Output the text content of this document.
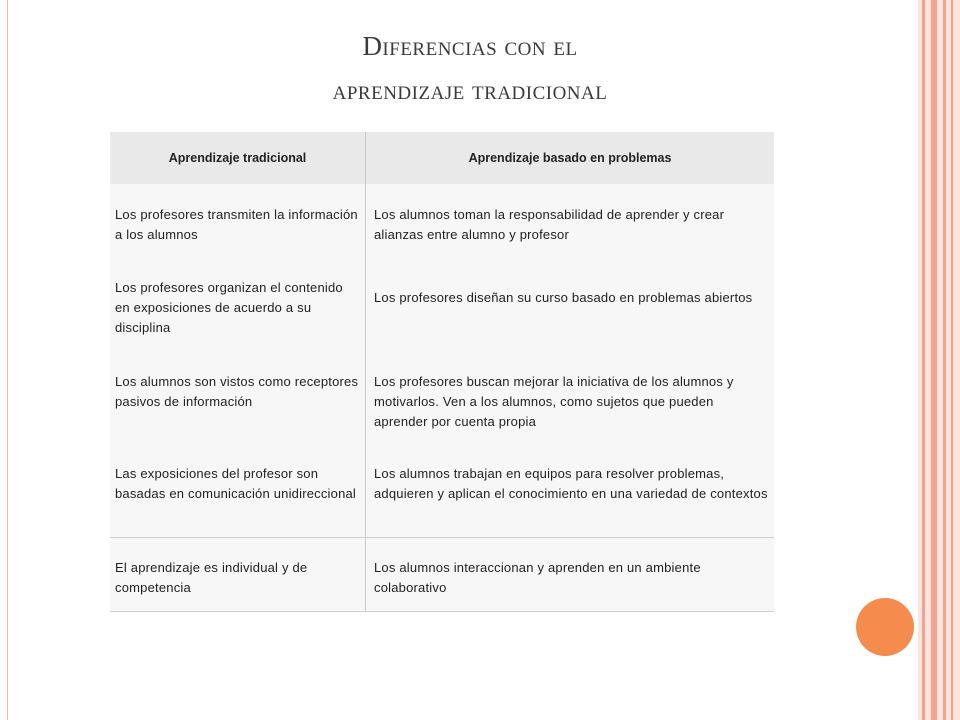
Diferencias con el
aprendizaje tradicional
Aprendizaje tradicional	Aprendizaje basado en problemas
Los profesores transmiten la información a los alumnos
Los alumnos toman la responsabilidad de aprender y crear alianzas entre alumno y profesor
Los profesores organizan el contenido en exposiciones de acuerdo a su disciplina
Los profesores diseñan su curso basado en problemas abiertos
Los alumnos son vistos como receptores pasivos de información
Los profesores buscan mejorar la iniciativa de los alumnos y motivarlos. Ven a los alumnos, como sujetos que pueden aprender por cuenta propia
Las exposiciones del profesor son basadas en comunicación unidireccional
Los alumnos trabajan en equipos para resolver problemas, adquieren y aplican el conocimiento en una variedad de contextos
El aprendizaje es individual y de competencia
Los alumnos interaccionan y aprenden en un ambiente colaborativo
